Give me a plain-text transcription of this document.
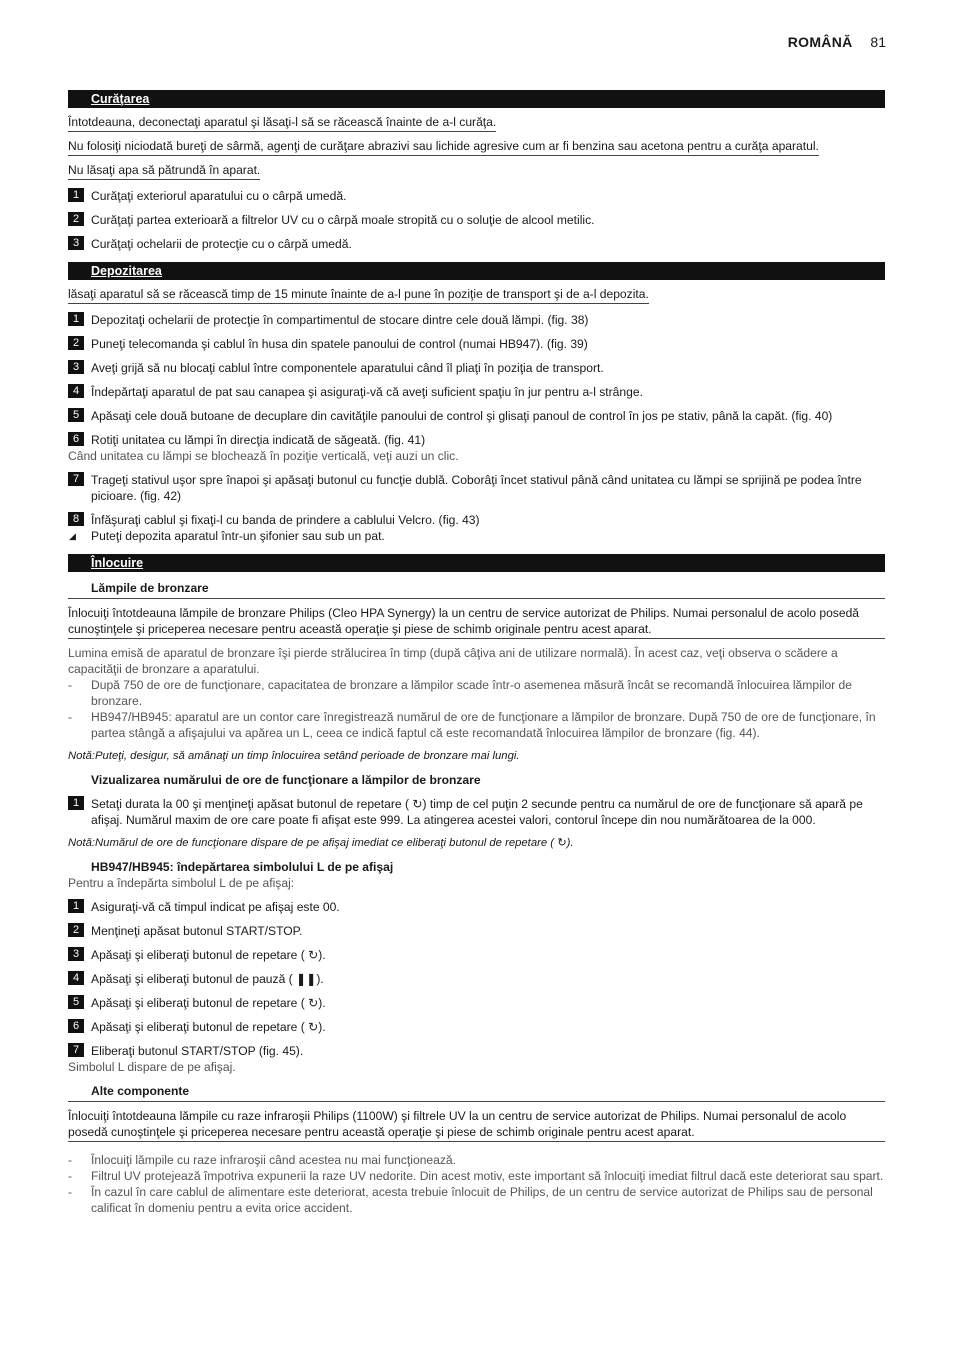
ROMÂNĂ 81
Curăţarea
Întotdeauna, deconectaţi aparatul şi lăsaţi-l să se răcească înainte de a-l curăţa.
Nu folosiţi niciodată bureţi de sârmă, agenţi de curăţare abrazivi sau lichide agresive cum ar fi benzina sau acetona pentru a curăţa aparatul.
Nu lăsaţi apa să pătrundă în aparat.
1 Curăţaţi exteriorul aparatului cu o cârpă umedă.
2 Curăţaţi partea exterioară a filtrelor UV cu o cârpă moale stropită cu o soluţie de alcool metilic.
3 Curăţaţi ochelarii de protecţie cu o cârpă umedă.
Depozitarea
lăsaţi aparatul să se răcească timp de 15 minute înainte de a-l pune în poziţie de transport şi de a-l depozita.
1 Depozitaţi ochelarii de protecţie în compartimentul de stocare dintre cele două lămpi. (fig. 38)
2 Puneţi telecomanda şi cablul în husa din spatele panoului de control (numai HB947). (fig. 39)
3 Aveţi grijă să nu blocaţi cablul între componentele aparatului când îl pliaţi în poziţia de transport.
4 Îndepărtaţi aparatul de pat sau canapea şi asiguraţi-vă că aveţi suficient spaţiu în jur pentru a-l strânge.
5 Apăsaţi cele două butoane de decuplare din cavităţile panoului de control şi glisaţi panoul de control în jos pe stativ, până la capăt. (fig. 40)
6 Rotiţi unitatea cu lămpi în direcţia indicată de săgeată. (fig. 41)
Când unitatea cu lămpi se blochează în poziţie verticală, veţi auzi un clic.
7 Trageţi stativul uşor spre înapoi şi apăsaţi butonul cu funcţie dublă. Coborâţi încet stativul până când unitatea cu lămpi se sprijină pe podea între picioare. (fig. 42)
8 Înfăşuraţi cablul şi fixaţi-l cu banda de prindere a cablului Velcro. (fig. 43)
◢ Puteţi depozita aparatul într-un şifonier sau sub un pat.
Înlocuire
Lămpile de bronzare
Înlocuiţi întotdeauna lămpile de bronzare Philips (Cleo HPA Synergy) la un centru de service autorizat de Philips. Numai personalul de acolo posedă cunoştinţele şi priceperea necesare pentru această operaţie şi piese de schimb originale pentru acest aparat.
Lumina emisă de aparatul de bronzare îşi pierde strălucirea în timp (după câţiva ani de utilizare normală). În acest caz, veţi observa o scădere a capacităţii de bronzare a aparatului.
- După 750 de ore de funcţionare, capacitatea de bronzare a lămpilor scade într-o asemenea măsură încât se recomandă înlocuirea lămpilor de bronzare.
- HB947/HB945: aparatul are un contor care înregistrează numărul de ore de funcţionare a lămpilor de bronzare. După 750 de ore de funcţionare, în partea stângă a afişajului va apărea un L, ceea ce indică faptul că este recomandată înlocuirea lămpilor de bronzare (fig. 44).
Notă:Puteţi, desigur, să amânaţi un timp înlocuirea setând perioade de bronzare mai lungi.
Vizualizarea numărului de ore de funcţionare a lămpilor de bronzare
1 Setaţi durata la 00 şi menţineţi apăsat butonul de repetare ( ↻) timp de cel puţin 2 secunde pentru ca numărul de ore de funcţionare să apară pe afişaj. Numărul maxim de ore care poate fi afişat este 999. La atingerea acestei valori, contorul începe din nou numărătoarea de la 000.
Notă:Numărul de ore de funcţionare dispare de pe afişaj imediat ce eliberaţi butonul de repetare ( ↻).
HB947/HB945: îndepărtarea simbolului L de pe afişaj
Pentru a îndepărta simbolul L de pe afişaj:
1 Asiguraţi-vă că timpul indicat pe afişaj este 00.
2 Menţineţi apăsat butonul START/STOP.
3 Apăsaţi şi eliberaţi butonul de repetare ( ↻).
4 Apăsaţi şi eliberaţi butonul de pauză ( ❚❚).
5 Apăsaţi şi eliberaţi butonul de repetare ( ↻).
6 Apăsaţi şi eliberaţi butonul de repetare ( ↻).
7 Eliberaţi butonul START/STOP (fig. 45).
Simbolul L dispare de pe afişaj.
Alte componente
Înlocuiţi întotdeauna lămpile cu raze infraroşii Philips (1100W) şi filtrele UV la un centru de service autorizat de Philips. Numai personalul de acolo posedă cunoştinţele şi priceperea necesare pentru această operaţie şi piese de schimb originale pentru acest aparat.
- Înlocuiţi lămpile cu raze infraroşii când acestea nu mai funcţionează.
- Filtrul UV protejează împotriva expunerii la raze UV nedorite. Din acest motiv, este important să înlocuiţi imediat filtrul dacă este deteriorat sau spart.
- În cazul în care cablul de alimentare este deteriorat, acesta trebuie înlocuit de Philips, de un centru de service autorizat de Philips sau de personal calificat în domeniu pentru a evita orice accident.
